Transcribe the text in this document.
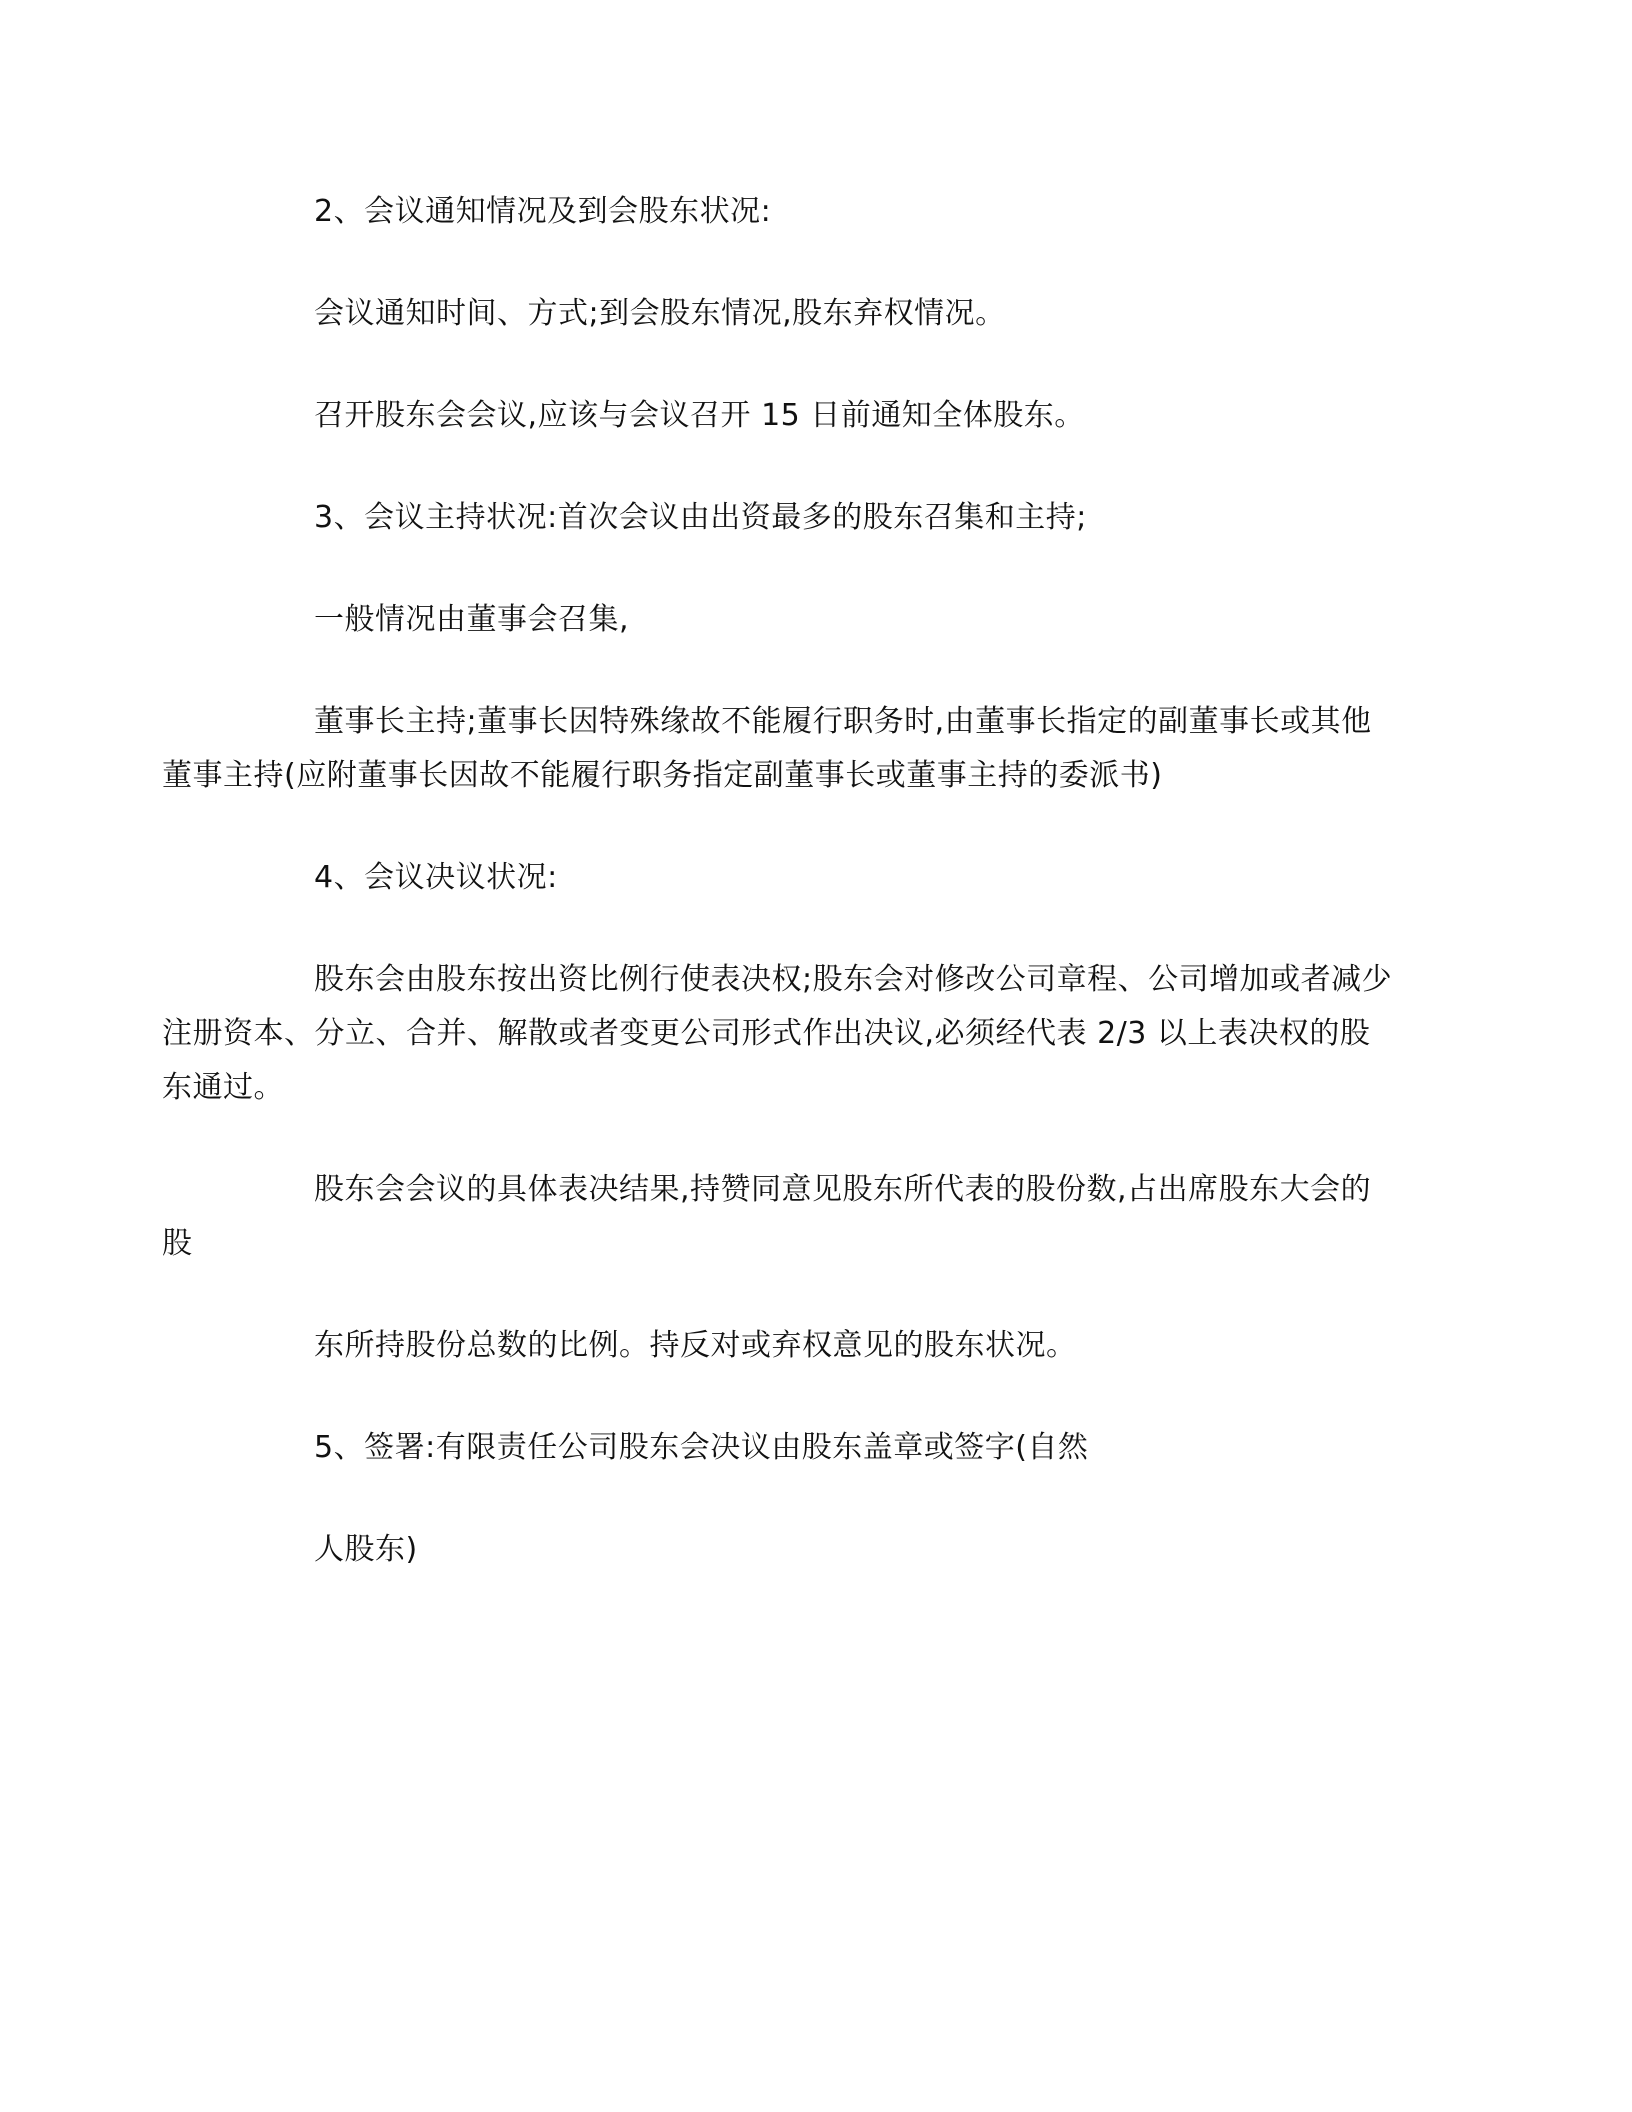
2、会议通知情况及到会股东状况:

会议通知时间、方式;到会股东情况,股东弃权情况。

召开股东会会议,应该与会议召开 15 日前通知全体股东。

3、会议主持状况:首次会议由出资最多的股东召集和主持;

一般情况由董事会召集,

董事长主持;董事长因特殊缘故不能履行职务时,由董事长指定的副董事长或其他董事主持(应附董事长因故不能履行职务指定副董事长或董事主持的委派书)

4、会议决议状况:

股东会由股东按出资比例行使表决权;股东会对修改公司章程、公司增加或者减少注册资本、分立、合并、解散或者变更公司形式作出决议,必须经代表 2/3 以上表决权的股东通过。

股东会会议的具体表决结果,持赞同意见股东所代表的股份数,占出席股东大会的股

东所持股份总数的比例。持反对或弃权意见的股东状况。

5、签署:有限责任公司股东会决议由股东盖章或签字(自然

人股东)
